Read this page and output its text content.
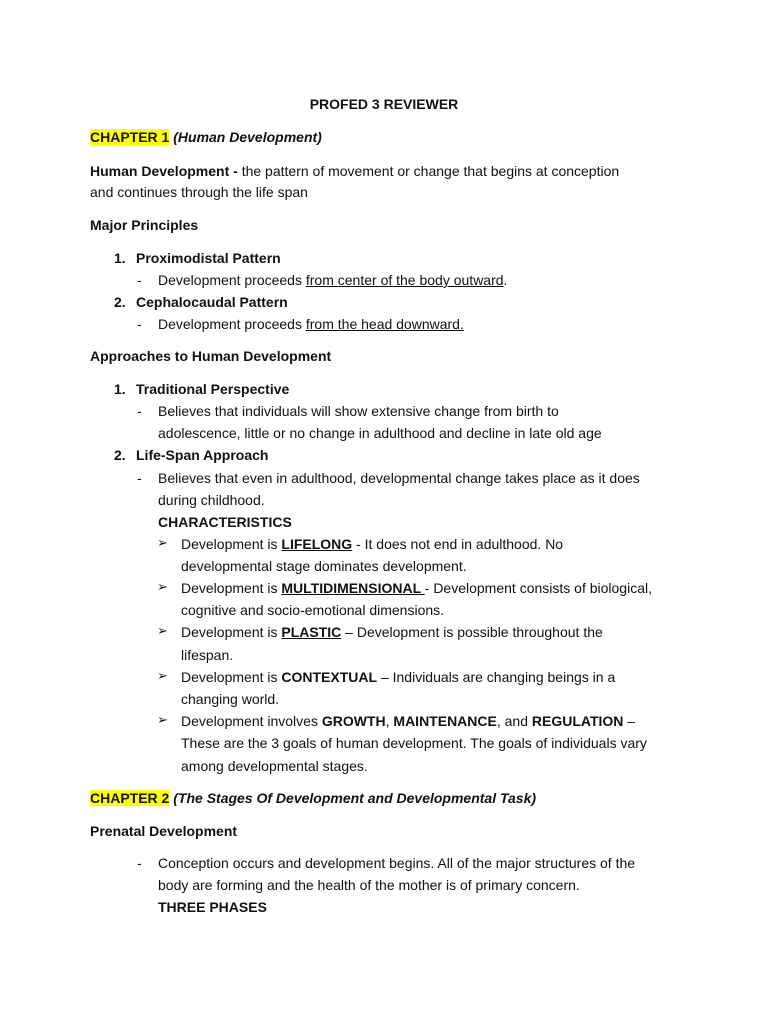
PROFED 3 REVIEWER
CHAPTER 1 (Human Development)
Human Development - the pattern of movement or change that begins at conception
and continues through the life span
Major Principles
1. Proximodistal Pattern
- Development proceeds from center of the body outward.
2. Cephalocaudal Pattern
- Development proceeds from the head downward.
Approaches to Human Development
1. Traditional Perspective
- Believes that individuals will show extensive change from birth to
adolescence, little or no change in adulthood and decline in late old age
2. Life-Span Approach
- Believes that even in adulthood, developmental change takes place as it does
during childhood.
CHARACTERISTICS
➢ Development is LIFELONG - It does not end in adulthood. No
developmental stage dominates development.
➢ Development is MULTIDIMENSIONAL - Development consists of biological,
cognitive and socio-emotional dimensions.
➢ Development is PLASTIC – Development is possible throughout the
lifespan.
➢ Development is CONTEXTUAL – Individuals are changing beings in a
changing world.
➢ Development involves GROWTH, MAINTENANCE, and REGULATION –
These are the 3 goals of human development. The goals of individuals vary
among developmental stages.
CHAPTER 2 (The Stages Of Development and Developmental Task)
Prenatal Development
- Conception occurs and development begins. All of the major structures of the
body are forming and the health of the mother is of primary concern.
THREE PHASES
